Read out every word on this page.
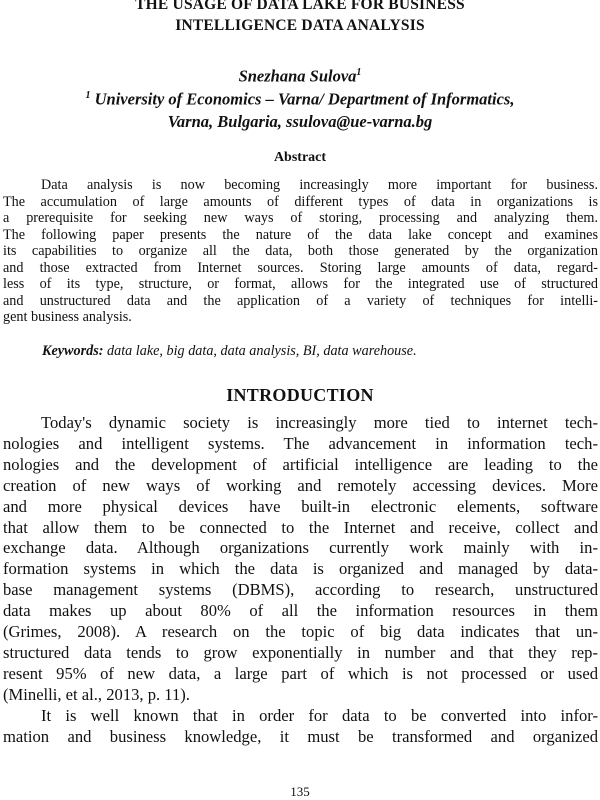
THE USAGE OF DATA LAKE FOR BUSINESS
INTELLIGENCE DATA ANALYSIS
Snezhana Sulova$^1$
$^1$ University of Economics – Varna/ Department of Informatics,
Varna, Bulgaria, ssulova@ue-varna.bg
Abstract
Data analysis is now becoming increasingly more important for business.
The accumulation of large amounts of different types of data in organizations is
a prerequisite for seeking new ways of storing, processing and analyzing them.
The following paper presents the nature of the data lake concept and examines
its capabilities to organize all the data, both those generated by the organization
and those extracted from Internet sources. Storing large amounts of data, regard-
less of its type, structure, or format, allows for the integrated use of structured
and unstructured data and the application of a variety of techniques for intelli-
gent business analysis.
Keywords: data lake, big data, data analysis, BI, data warehouse.
INTRODUCTION
Today's dynamic society is increasingly more tied to internet tech-
nologies and intelligent systems. The advancement in information tech-
nologies and the development of artificial intelligence are leading to the
creation of new ways of working and remotely accessing devices. More
and more physical devices have built-in electronic elements, software
that allow them to be connected to the Internet and receive, collect and
exchange data. Although organizations currently work mainly with in-
formation systems in which the data is organized and managed by data-
base management systems (DBMS), according to research, unstructured
data makes up about 80% of all the information resources in them
(Grimes, 2008). A research on the topic of big data indicates that un-
structured data tends to grow exponentially in number and that they rep-
resent 95% of new data, a large part of which is not processed or used
(Minelli, et al., 2013, p. 11).
It is well known that in order for data to be converted into infor-
mation and business knowledge, it must be transformed and organized
135
